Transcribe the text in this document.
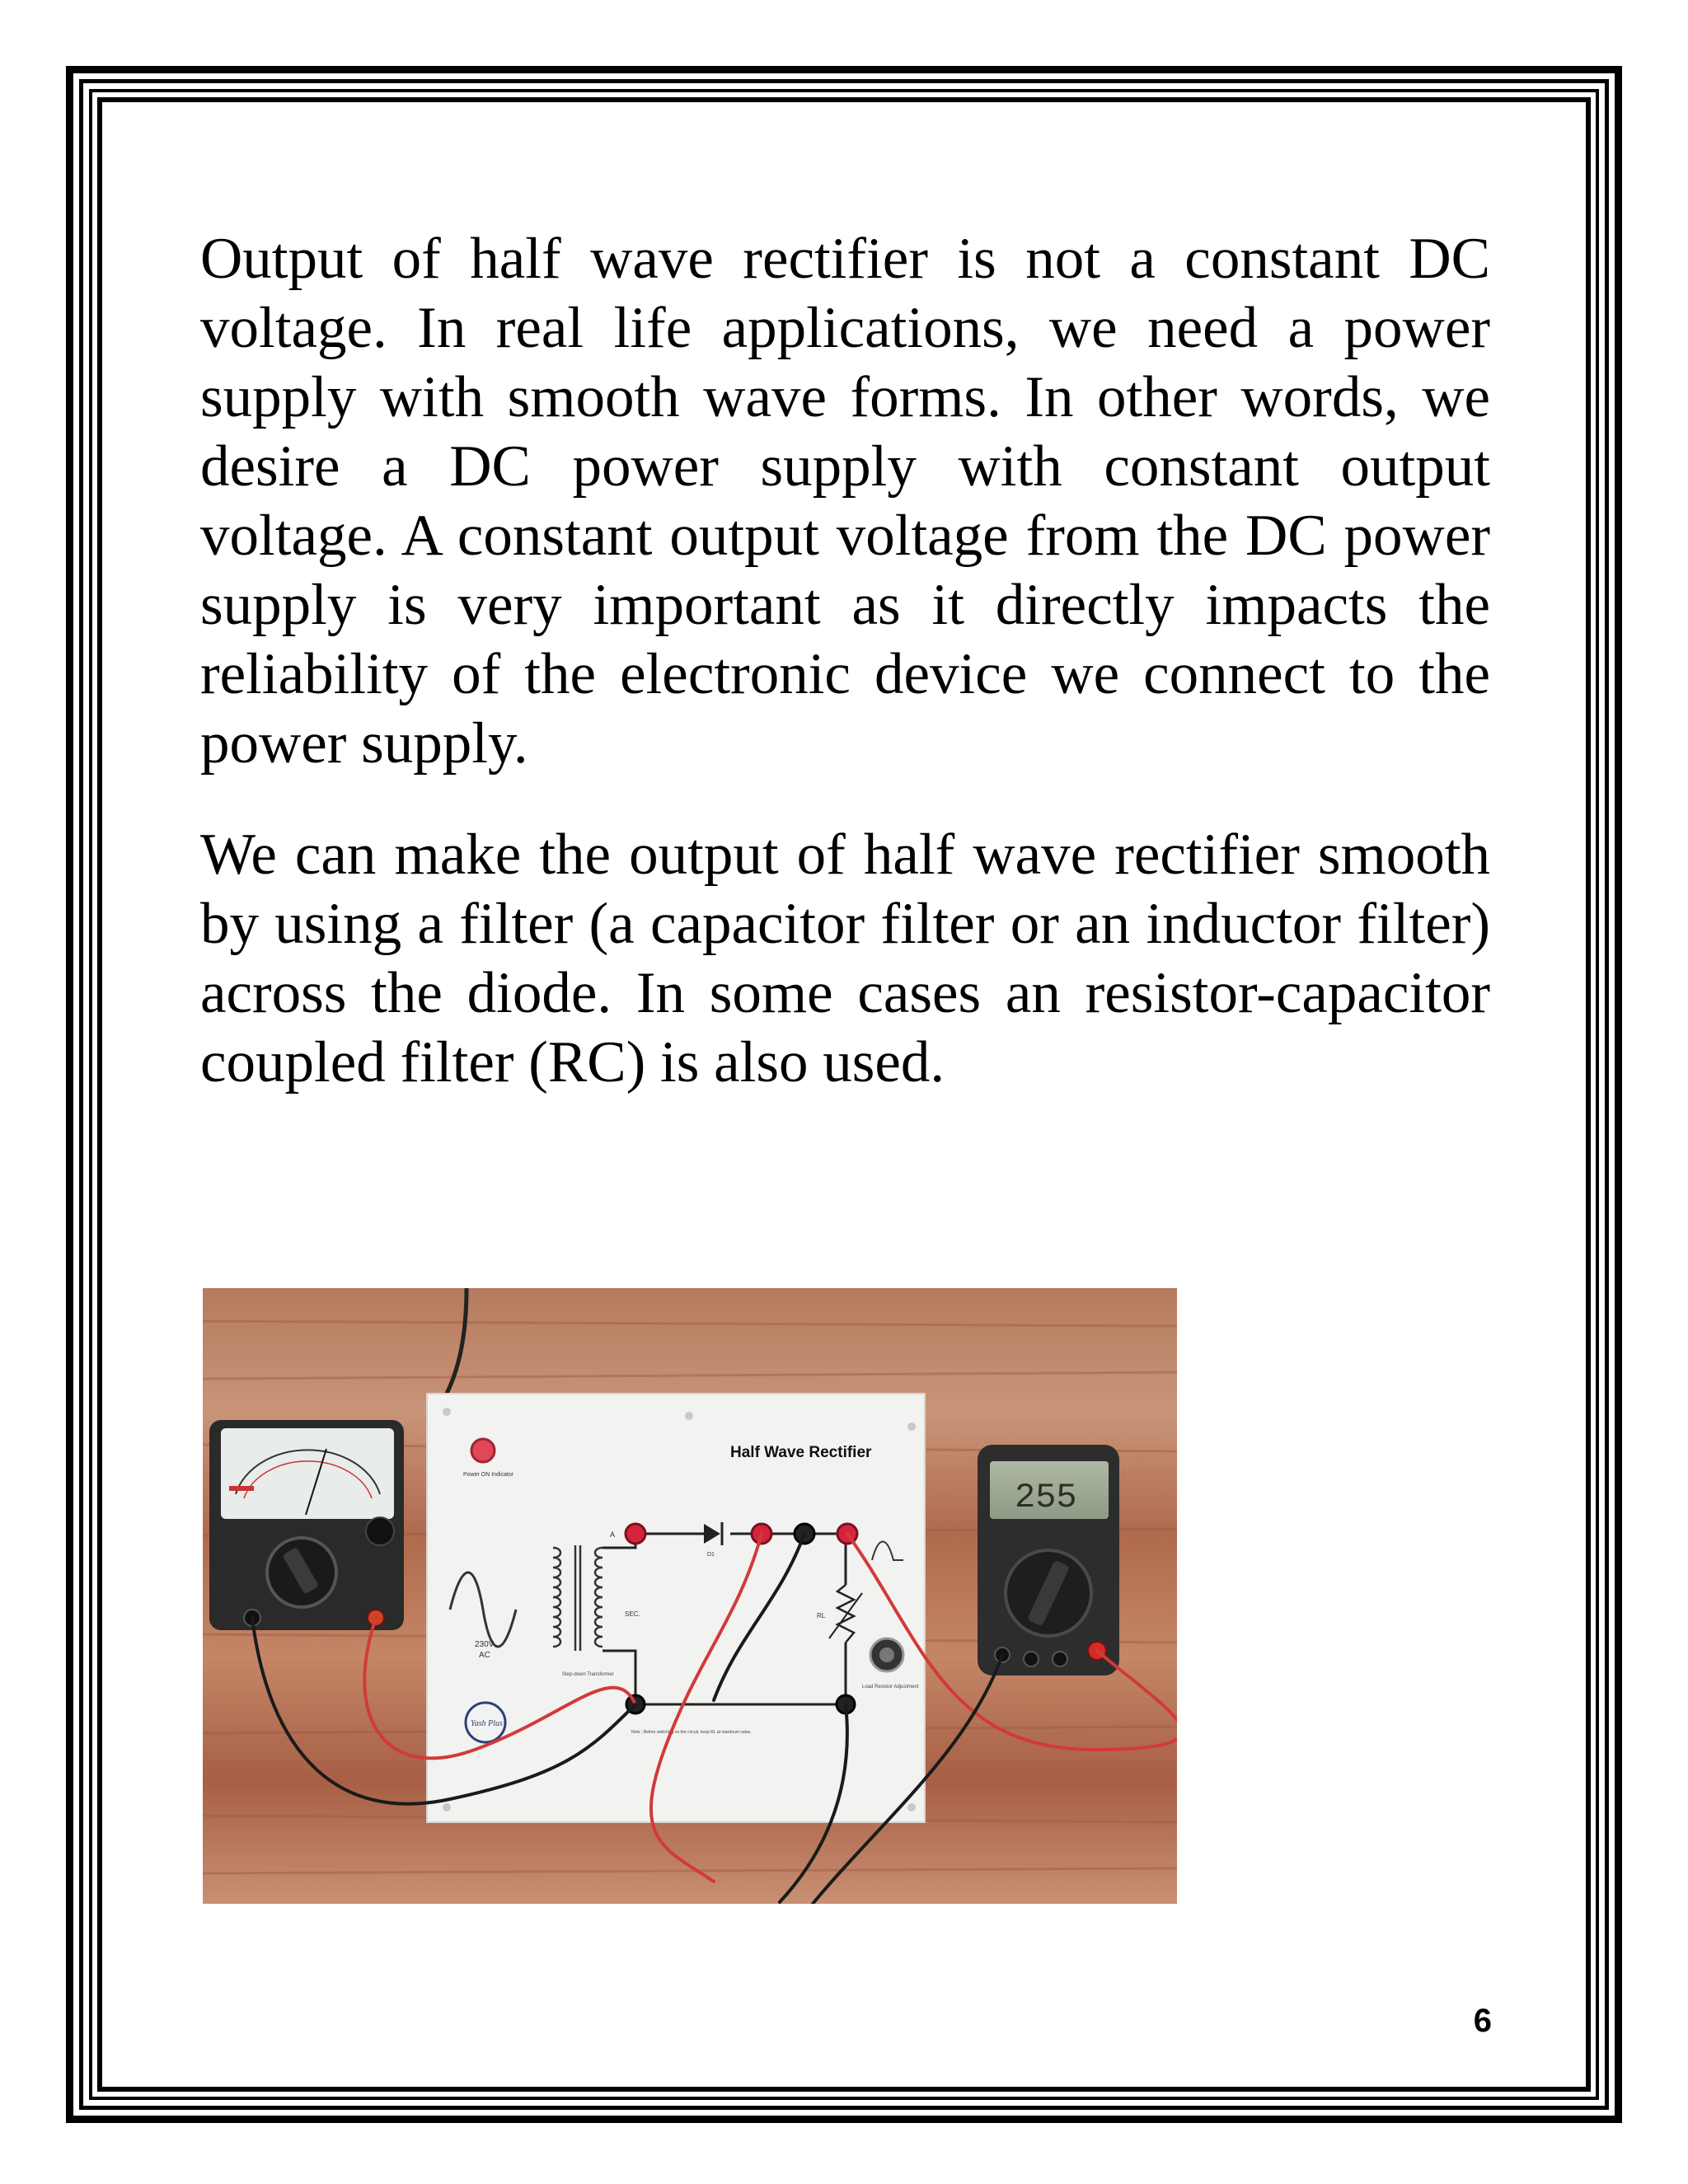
Output of half wave rectifier is not a constant DC voltage. In real life applications, we need a power supply with smooth wave forms. In other words, we desire a DC power supply with constant output voltage. A constant output voltage from the DC power supply is very important as it directly impacts the reliability of the electronic device we connect to the power supply.

We can make the output of half wave rectifier smooth by using a filter (a capacitor filter or an inductor filter) across the diode. In some cases an resistor-capacitor coupled filter (RC) is also used.

Half Wave Rectifier
Power ON Indicator
230V
AC
SEC.
Step-down Transformer
D1
RL
A
Load Resistor Adjustment
Yash Plus
Note : Before switching on the circuit, keep RL at maximum value.
255
6
